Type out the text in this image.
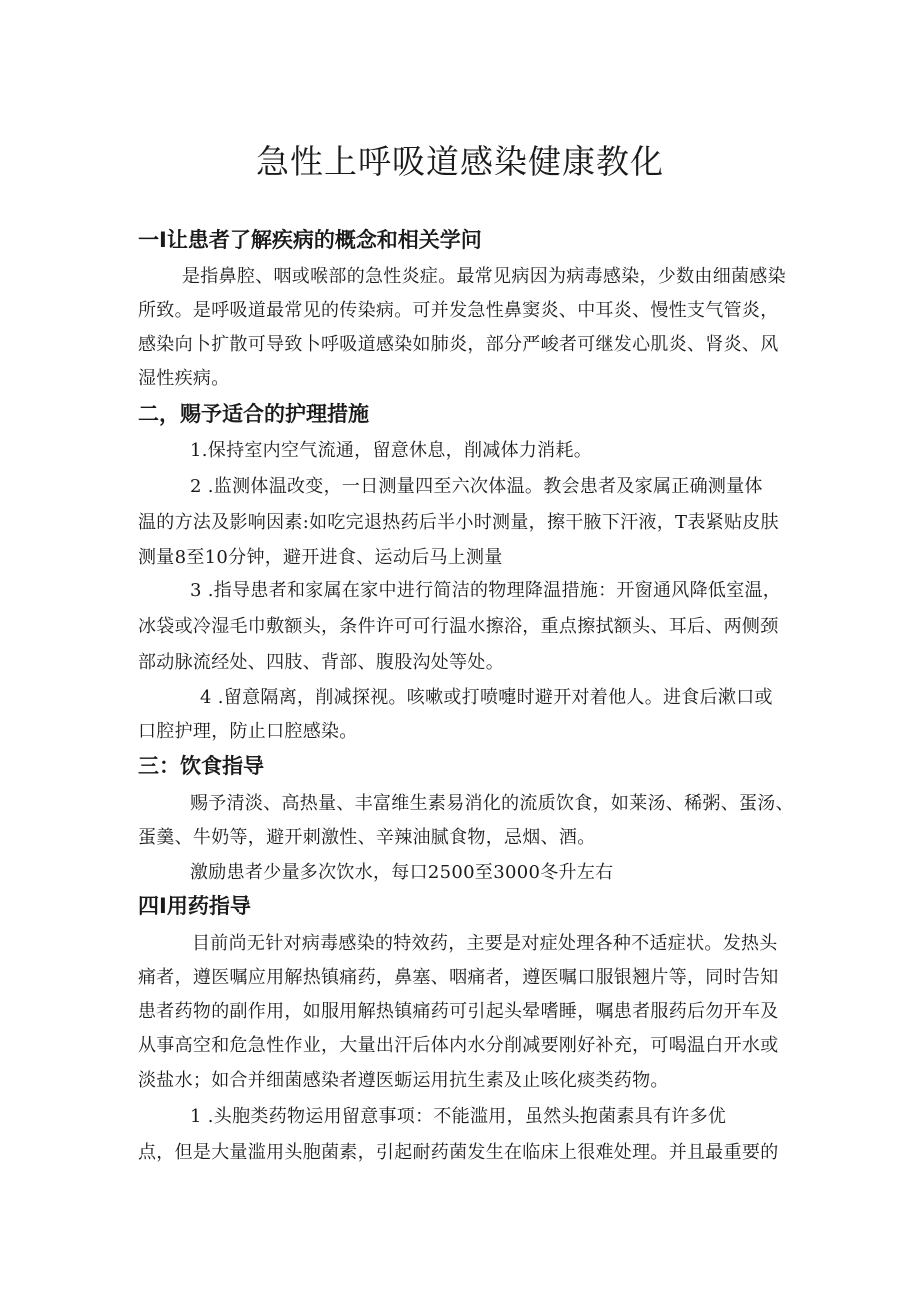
急性上呼吸道感染健康教化
一I让患者了解疾病的概念和相关学问

是指鼻腔、咽或喉部的急性炎症。最常见病因为病毒感染，少数由细菌感染

所致。是呼吸道最常见的传染病。可并发急性鼻窦炎、中耳炎、慢性支气管炎，

感染向卜扩散可导致卜呼吸道感染如肺炎，部分严峻者可继发心肌炎、肾炎、风

湿性疾病。

二，赐予适合的护理措施

1.保持室内空气流通，留意休息，削减体力消耗。

2 .监测体温改变，一日测量四至六次体温。教会患者及家属正确测量体

温的方法及影响因素:如吃完退热药后半小时测量，擦干腋下汗液，T表紧贴皮肤

测量8至10分钟，避开进食、运动后马上测量

3 .指导患者和家属在家中进行简洁的物理降温措施：开窗通风降低室温，

冰袋或冷湿毛巾敷额头，条件许可可行温水擦浴，重点擦拭额头、耳后、两侧颈

部动脉流经处、四肢、背部、腹股沟处等处。

4 .留意隔离，削减探视。咳嗽或打喷嚏时避开对着他人。进食后漱口或

口腔护理，防止口腔感染。

三：饮食指导

赐予清淡、高热量、丰富维生素易消化的流质饮食，如莱汤、稀粥、蛋汤、

蛋羹、牛奶等，避开刺激性、辛辣油腻食物，忌烟、酒。

激励患者少量多次饮水，每口2500至3000冬升左右

四I用药指导

目前尚无针对病毒感染的特效药，主要是对症处理各种不适症状。发热头

痛者，遵医嘱应用解热镇痛药，鼻塞、咽痛者，遵医嘱口服银翘片等，同时告知

患者药物的副作用，如服用解热镇痛药可引起头晕嗜睡，嘱患者服药后勿开车及

从事高空和危急性作业，大量出汗后体内水分削减要刚好补充，可喝温白开水或

淡盐水；如合并细菌感染者遵医蛎运用抗生素及止咳化痰类药物。

1 .头胞类药物运用留意事项：不能滥用，虽然头抱菌素具有许多优

点，但是大量滥用头胞菌素，引起耐药菌发生在临床上很难处理。并且最重要的
